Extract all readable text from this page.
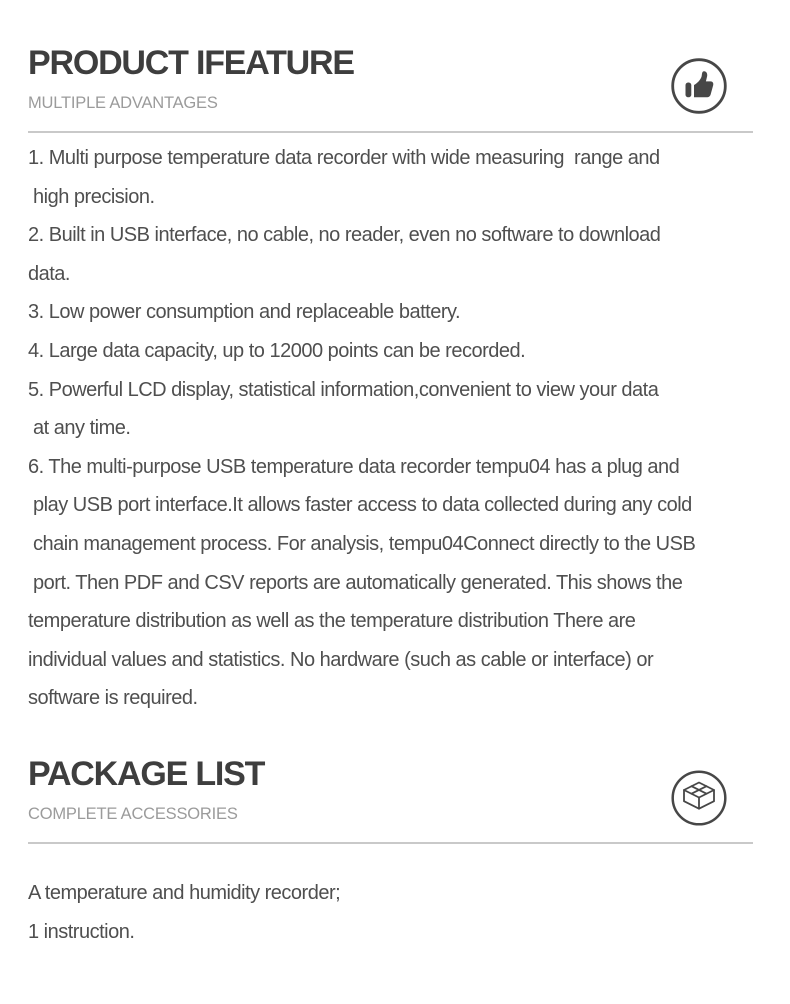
PRODUCT IFEATURE
MULTIPLE ADVANTAGES
1. Multi purpose temperature data recorder with wide measuring  range and
high precision.
2. Built in USB interface, no cable, no reader, even no software to download
data.
3. Low power consumption and replaceable battery.
4. Large data capacity, up to 12000 points can be recorded.
5. Powerful LCD display, statistical information,convenient to view your data
at any time.
6. The multi-purpose USB temperature data recorder tempu04 has a plug and
play USB port interface.It allows faster access to data collected during any cold
chain management process. For analysis, tempu04Connect directly to the USB
port. Then PDF and CSV reports are automatically generated. This shows the
temperature distribution as well as the temperature distribution There are
individual values and statistics. No hardware (such as cable or interface) or
software is required.
PACKAGE LIST
COMPLETE ACCESSORIES
A temperature and humidity recorder;
1 instruction.
